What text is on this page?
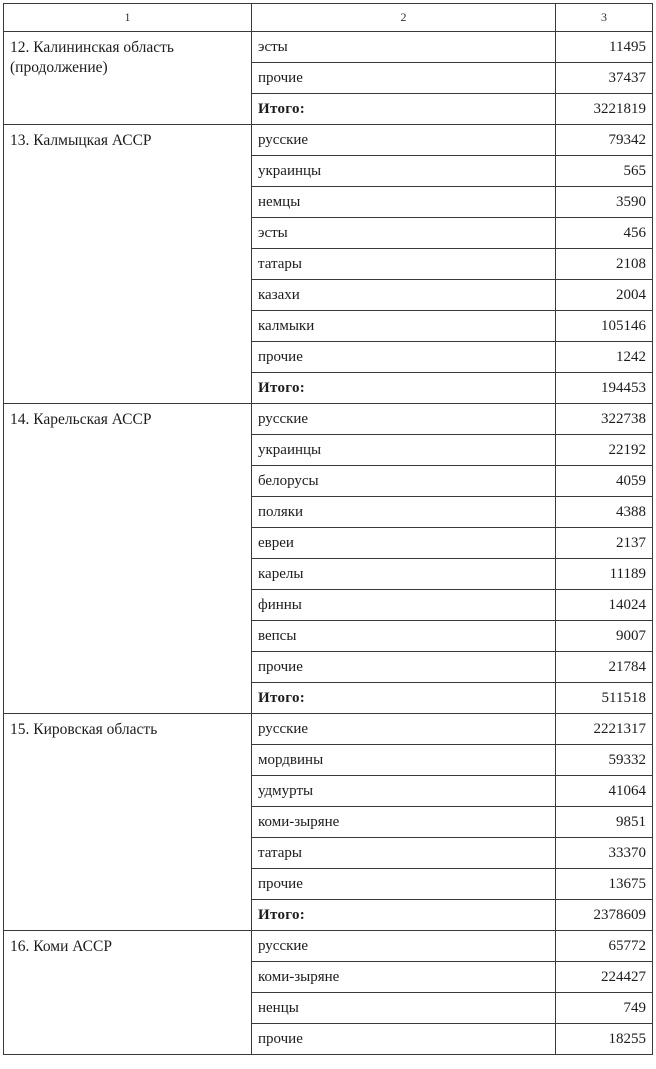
1	2	3
12. Калининская область (продолжение)	эсты	11495
	прочие	37437
	Итого:	3221819
13. Калмыцкая АССР	русские	79342
	украинцы	565
	немцы	3590
	эсты	456
	татары	2108
	казахи	2004
	калмыки	105146
	прочие	1242
	Итого:	194453
14. Карельская АССР	русские	322738
	украинцы	22192
	белорусы	4059
	поляки	4388
	евреи	2137
	карелы	11189
	финны	14024
	вепсы	9007
	прочие	21784
	Итого:	511518
15. Кировская область	русские	2221317
	мордвины	59332
	удмурты	41064
	коми-зыряне	9851
	татары	33370
	прочие	13675
	Итого:	2378609
16. Коми АССР	русские	65772
	коми-зыряне	224427
	ненцы	749
	прочие	18255
